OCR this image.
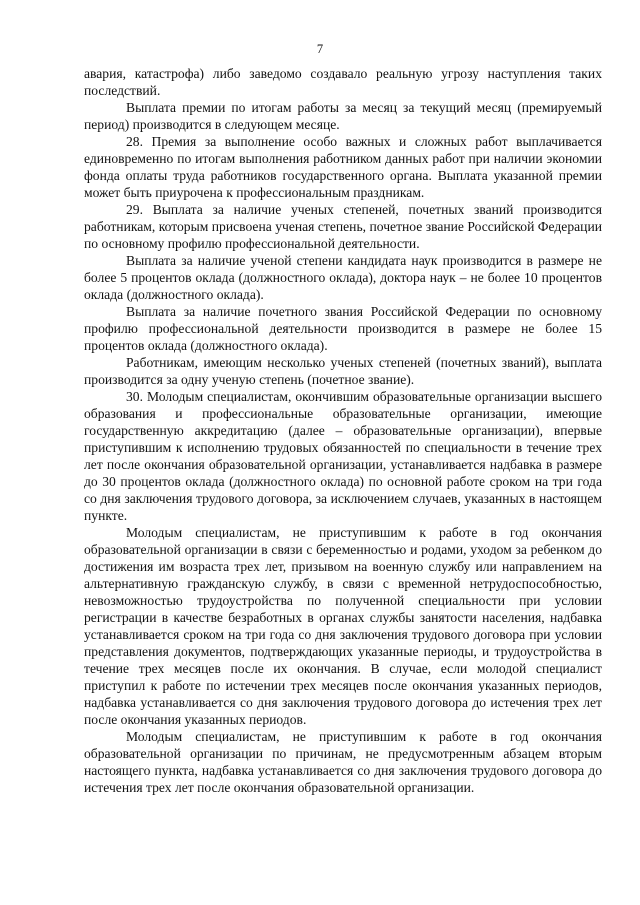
7

авария, катастрофа) либо заведомо создавало реальную угрозу наступления таких последствий.

Выплата премии по итогам работы за месяц за текущий месяц (премируемый период) производится в следующем месяце.

28. Премия за выполнение особо важных и сложных работ выплачивается единовременно по итогам выполнения работником данных работ при наличии экономии фонда оплаты труда работников государственного органа. Выплата указанной премии может быть приурочена к профессиональным праздникам.

29. Выплата за наличие ученых степеней, почетных званий производится работникам, которым присвоена ученая степень, почетное звание Российской Федерации по основному профилю профессиональной деятельности.

Выплата за наличие ученой степени кандидата наук производится в размере не более 5 процентов оклада (должностного оклада), доктора наук – не более 10 процентов оклада (должностного оклада).

Выплата за наличие почетного звания Российской Федерации по основному профилю профессиональной деятельности производится в размере не более 15 процентов оклада (должностного оклада).

Работникам, имеющим несколько ученых степеней (почетных званий), выплата производится за одну ученую степень (почетное звание).

30. Молодым специалистам, окончившим образовательные организации высшего образования и профессиональные образовательные организации, имеющие государственную аккредитацию (далее – образовательные организации), впервые приступившим к исполнению трудовых обязанностей по специальности в течение трех лет после окончания образовательной организации, устанавливается надбавка в размере до 30 процентов оклада (должностного оклада) по основной работе сроком на три года со дня заключения трудового договора, за исключением случаев, указанных в настоящем пункте.

Молодым специалистам, не приступившим к работе в год окончания образовательной организации в связи с беременностью и родами, уходом за ребенком до достижения им возраста трех лет, призывом на военную службу или направлением на альтернативную гражданскую службу, в связи с временной нетрудоспособностью, невозможностью трудоустройства по полученной специальности при условии регистрации в качестве безработных в органах службы занятости населения, надбавка устанавливается сроком на три года со дня заключения трудового договора при условии представления документов, подтверждающих указанные периоды, и трудоустройства в течение трех месяцев после их окончания. В случае, если молодой специалист приступил к работе по истечении трех месяцев после окончания указанных периодов, надбавка устанавливается со дня заключения трудового договора до истечения трех лет после окончания указанных периодов.

Молодым специалистам, не приступившим к работе в год окончания образовательной организации по причинам, не предусмотренным абзацем вторым настоящего пункта, надбавка устанавливается со дня заключения трудового договора до истечения трех лет после окончания образовательной организации.
